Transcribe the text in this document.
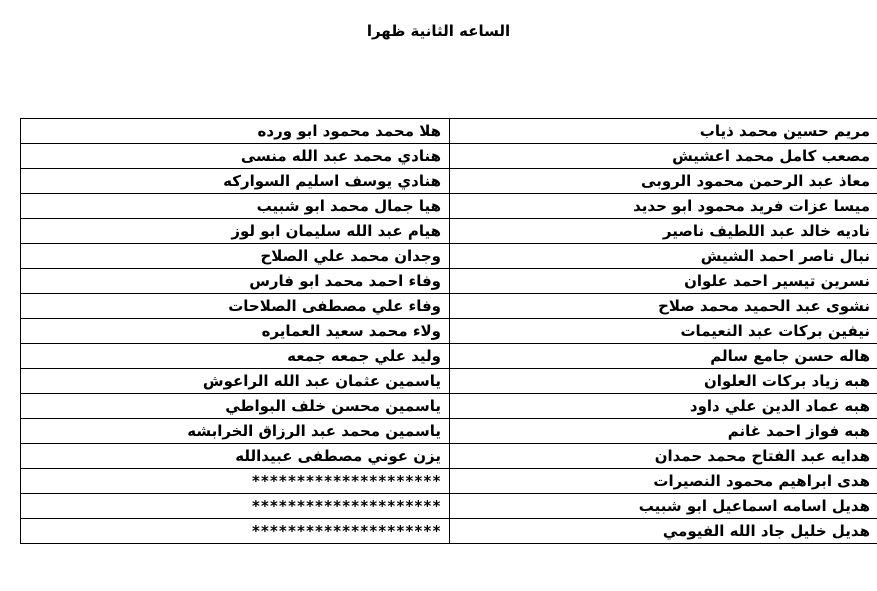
الساعه الثانية ظهرا
مريم حسين محمد ذياب	هلا محمد محمود ابو ورده
مصعب كامل محمد اعشيش	هنادي محمد عبد الله منسى
معاذ عبد الرحمن محمود الروبى	هنادي يوسف اسليم السواركه
ميسا عزات فريد محمود ابو حديد	هيا جمال محمد ابو شبيب
ناديه خالد عبد اللطيف ناصير	هيام عبد الله سليمان ابو لوز
نبال ناصر احمد الشيش	وجدان محمد علي الصلاح
نسرين تيسير احمد علوان	وفاء احمد محمد ابو فارس
نشوى عبد الحميد محمد صلاح	وفاء علي مصطفى الصلاحات
نيفين بركات عبد النعيمات	ولاء محمد سعيد العمايره
هاله حسن جامع سالم	وليد علي جمعه جمعه
هبه زياد بركات العلوان	ياسمين عثمان عبد الله الراعوش
هبه عماد الدين علي داود	ياسمين محسن خلف البواطي
هبه فواز احمد غانم	ياسمين محمد عبد الرزاق الخرابشه
هدايه عبد الفتاح محمد حمدان	يزن عوني مصطفى عبيدالله
هدى ابراهيم محمود النصيرات	*********************
هديل اسامه اسماعيل ابو شبيب	*********************
هديل خليل جاد الله الفيومي	*********************
